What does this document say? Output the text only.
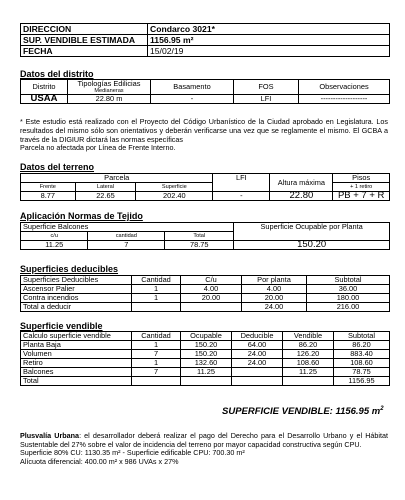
DIRECCION	Condarco 3021*
SUP. VENDIBLE ESTIMADA	1156.95 m²
FECHA	15/02/19
Datos del distrito
Distrito	Tipologías Edilicias
Medianeras	Basamento	FOS	Observaciones
USAA	22.80 m	-	LFI	-------------------
* Este estudio está realizado con el Proyecto del Código Urbanístico de la Ciudad aprobado en Legislatura. Los resultados del mismo sólo son orientativos y deberán verificarse una vez que se reglamente el mismo. El GCBA a través de la DIGIUR dictará las normas específicas
Parcela no afectada por Línea de Frente Interno.
Datos del terreno
Parcela			LFI	Altura máxima	Pisos
Frente	Lateral	Superficie			+ 1 retiro
8.77	22.65	202.40	-	22.80	PB + 7 + R
Aplicación Normas de Tejido
Superficie Balcones			Superficie Ocupable por Planta
c/u	cantidad	Total	
11.25	7	78.75	150.20
Superficies deducibles
Superficies Deducibles	Cantidad	C/u	Por planta	Subtotal
Ascensor Palier	1	4.00	4.00	36.00
Contra incendios	1	20.00	20.00	180.00
Total a deducir			24.00	216.00
Superficie vendible
Calculo superficie vendible	Cantidad	Ocupable	Deducible	Vendible	Subtotal
Planta Baja	1	150.20	64.00	86.20	86.20
Volumen	7	150.20	24.00	126.20	883.40
Retiro	1	132.60	24.00	108.60	108.60
Balcones	7	11.25		11.25	78.75
Total					1156.95
SUPERFICIE VENDIBLE: 1156.95 $m^2$

Plusvalía Urbana: el desarrollador deberá realizar el pago del Derecho para el Desarrollo Urbano y el Hábitat Sustentable del 27% sobre el valor de incidencia del terreno por mayor capacidad constructiva según CPU.

Superficie 80% CU: 1130.35 m² - Superficie edificable CPU: 700.30 m²

Alícuota diferencial: 400.00 m² x 986 UVAs x 27%
